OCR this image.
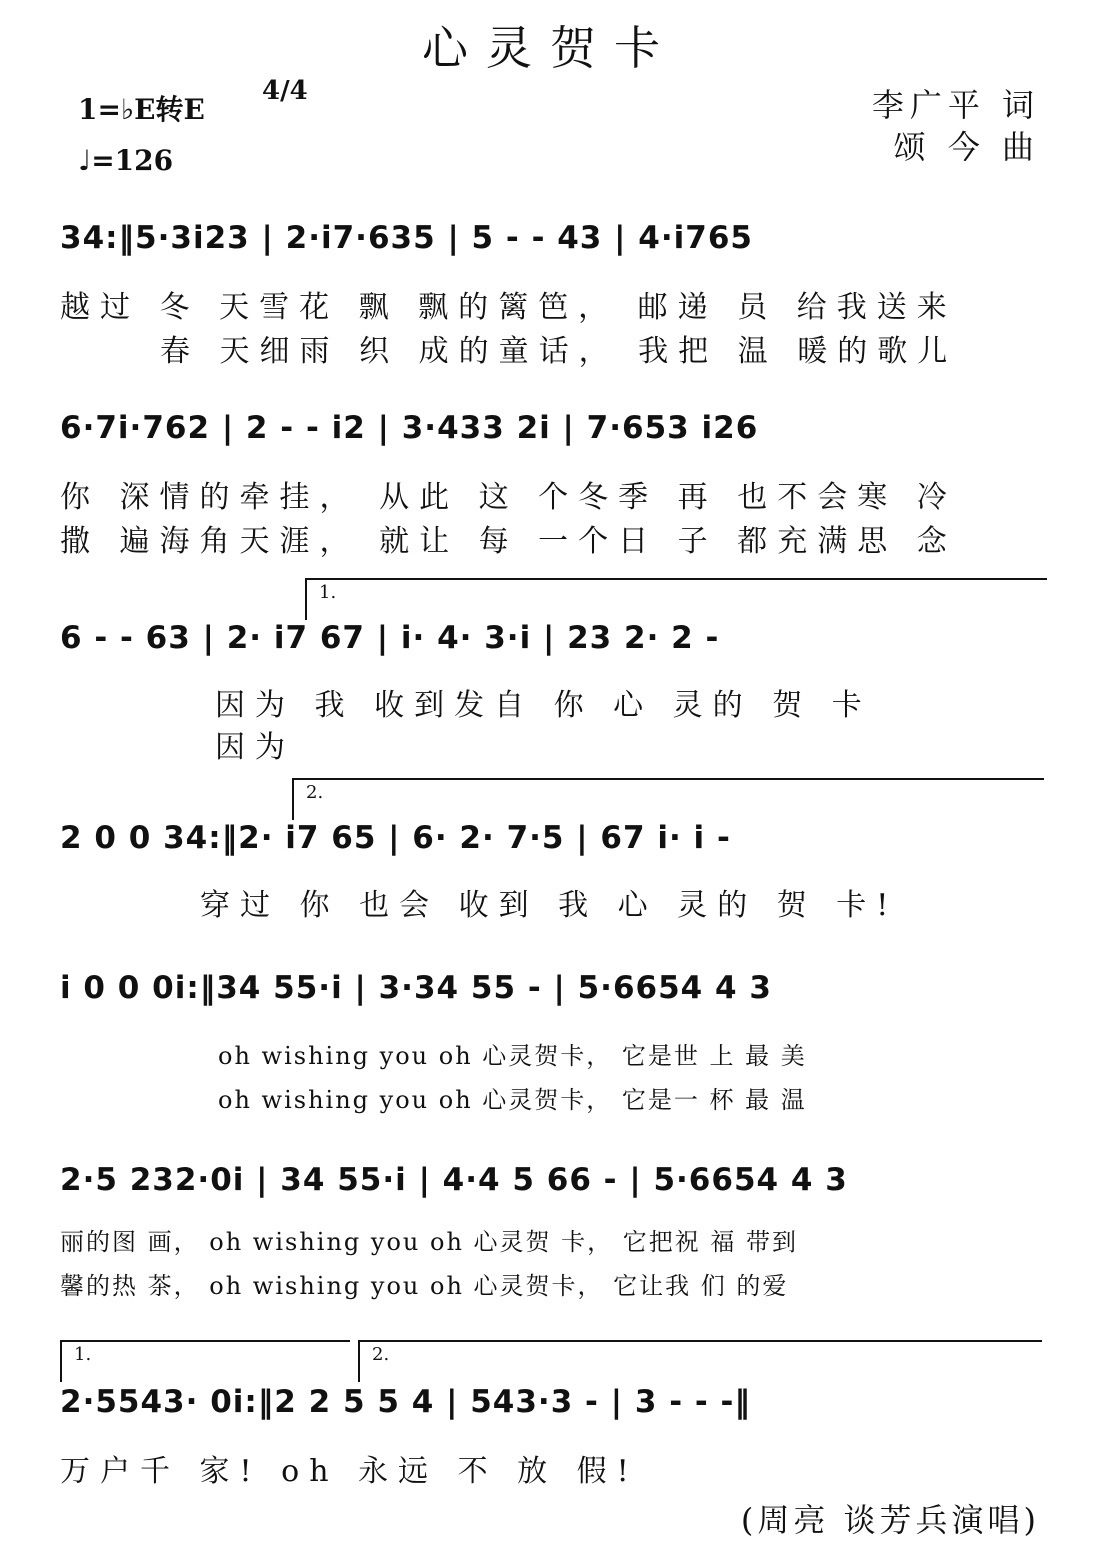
心灵贺卡
1=♭E转E
4/4
♩=126
李广平 词
颂 今 曲
34:‖5·3i23 | 2·i7·635 | 5 - - 43 | 4·i765
越过 冬 天雪花 飘 飘的篱笆， 邮递 员 给我送来
春 天细雨 织 成的童话， 我把 温 暖的歌儿
6·7i·762 | 2 - - i2 | 3·433 2i | 7·653 i26
你 深情的牵挂， 从此 这 个冬季 再 也不会寒 冷
撒 遍海角天涯， 就让 每 一个日 子 都充满思 念
1.
6 - - 63 | 2· i7 67 | i· 4· 3·i | 23 2· 2 -
因为 我 收到发自 你 心 灵的 贺 卡
因为
2.
2 0 0 34:‖2· i7 65 | 6· 2· 7·5 | 67 i· i -
穿过 你 也会 收到 我 心 灵的 贺 卡!
i 0 0 0i:‖34 55·i | 3·34 55 - | 5·6654 4 3
oh wishing you oh 心灵贺卡， 它是世 上 最 美
oh wishing you oh 心灵贺卡， 它是一 杯 最 温
2·5 232·0i | 34 55·i | 4·4 5 66 - | 5·6654 4 3
丽的图 画， oh wishing you oh 心灵贺 卡， 它把祝 福 带到
馨的热 茶， oh wishing you oh 心灵贺卡， 它让我 们 的爱
1.	2.
2·5543· 0i:‖2 2 5 5 4 | 543·3 - | 3 - - -‖
万户千 家! oh 永远 不 放 假!
(周亮 谈芳兵演唱)
